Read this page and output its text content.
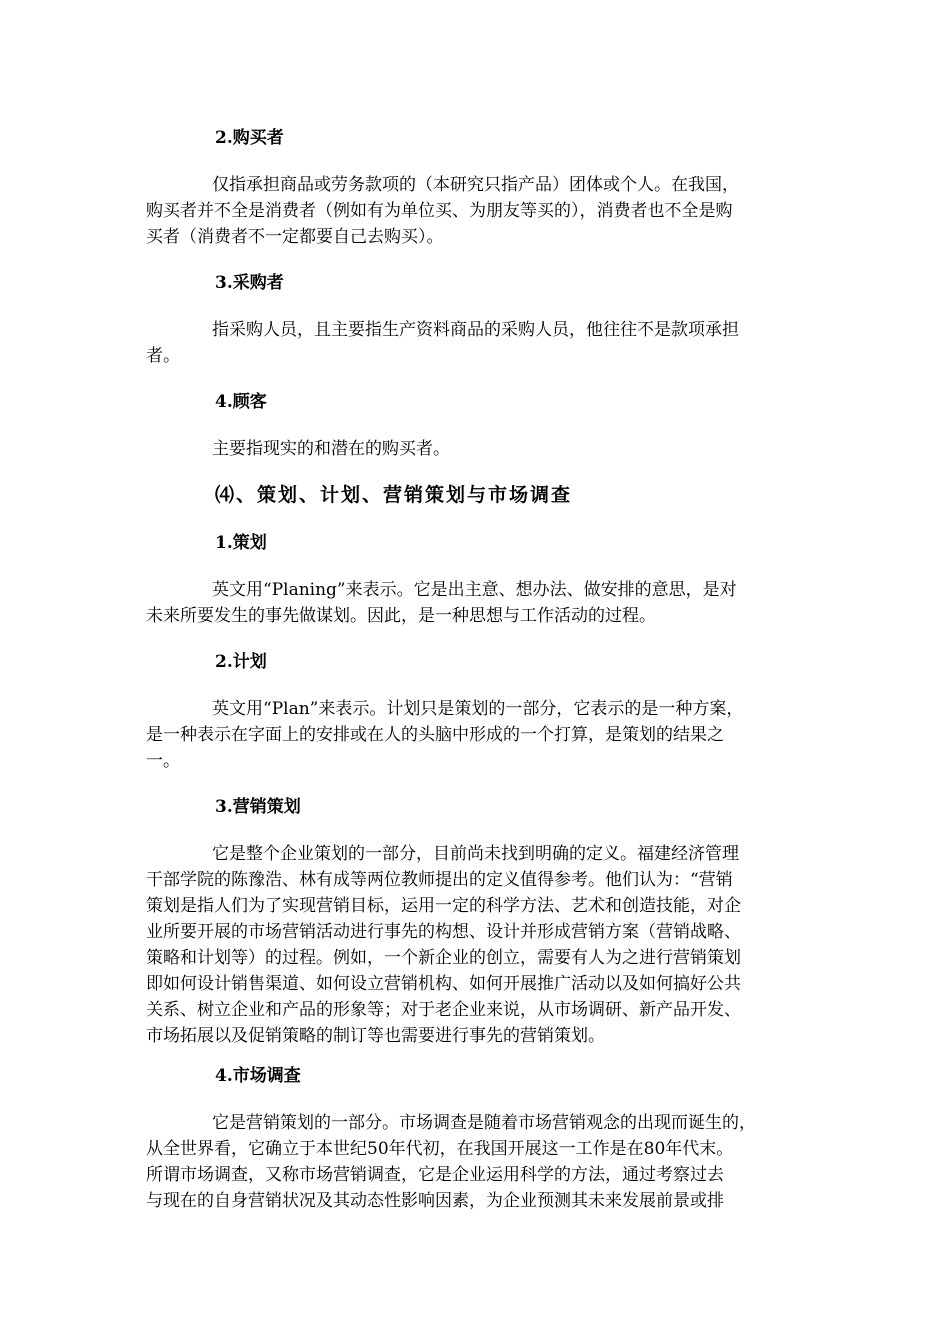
2.购买者
仅指承担商品或劳务款项的（本研究只指产品）团体或个人。在我国，
购买者并不全是消费者（例如有为单位买、为朋友等买的），消费者也不全是购
买者（消费者不一定都要自己去购买）。
3.采购者
指采购人员，且主要指生产资料商品的采购人员，他往往不是款项承担
者。
4.顾客
主要指现实的和潜在的购买者。
⑷、策划、计划、营销策划与市场调查
1.策划
英文用“Planing”来表示。它是出主意、想办法、做安排的意思，是对
未来所要发生的事先做谋划。因此，是一种思想与工作活动的过程。
2.计划
英文用“Plan”来表示。计划只是策划的一部分，它表示的是一种方案，
是一种表示在字面上的安排或在人的头脑中形成的一个打算，是策划的结果之
一。
3.营销策划
它是整个企业策划的一部分，目前尚未找到明确的定义。福建经济管理
干部学院的陈豫浩、林有成等两位教师提出的定义值得参考。他们认为：“营销
策划是指人们为了实现营销目标，运用一定的科学方法、艺术和创造技能，对企
业所要开展的市场营销活动进行事先的构想、设计并形成营销方案（营销战略、
策略和计划等）的过程。例如，一个新企业的创立，需要有人为之进行营销策划
即如何设计销售渠道、如何设立营销机构、如何开展推广活动以及如何搞好公共
关系、树立企业和产品的形象等；对于老企业来说，从市场调研、新产品开发、
市场拓展以及促销策略的制订等也需要进行事先的营销策划。
4.市场调查
它是营销策划的一部分。市场调查是随着市场营销观念的出现而诞生的，
从全世界看，它确立于本世纪50年代初，在我国开展这一工作是在80年代末。
所谓市场调查，又称市场营销调查，它是企业运用科学的方法，通过考察过去
与现在的自身营销状况及其动态性影响因素，为企业预测其未来发展前景或排
